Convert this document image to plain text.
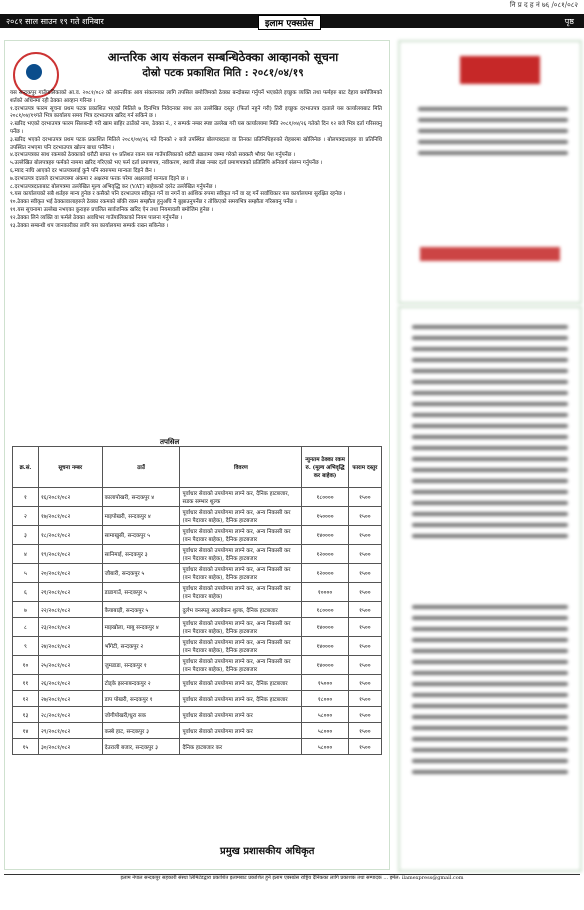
नि प्र द ह नं ७६ /०८१/०८२
२०८१ साल साउन १९ गते शनिबार	इलाम एक्सप्रेस	पृष्ठ
आन्तरिक आय संकलन सम्बन्धिठेक्का आव्हानको सूचना
दोस्रो पटक प्रकाशित मिति : २०८१/०४/१९

यस सन्दकपुर गाउँपालिकाको आ.व. २०८१/०८२ को आन्तरिक आय संकलनका लागि तपसिल बमोजिमको ठेक्का बन्दोबस्त गर्नुपर्ने भएकोले इच्छुक व्यक्ति तथा फर्महरु बाट देहाय बमोजिमको शर्तको अधिनमा रही ठेक्का आव्हान गरिन्छ ।

१.दरभाउपत्र फारम सूचना प्रथम पटक प्रकाशित भएको मितिले ७ दिनभित्र निवेदनका साथ तल उल्लेखित दस्तुर (फिर्ता नहुने गरी) तिरी इच्छुक दरभाउपत्र दाताले यस कार्यालयबाट मिति २०८१/०४/१९गते भित्र कार्यालय समय भित्र दरभाउपत्र खरिद गर्न सकिने छ ।

२.खरिद भएको दरभाउपत्र फारम सिलबन्दी गरी खाम बाहिर ठाउँको नाम, ठेक्का नं., र सम्पर्क नम्बर स्पष्ट उल्लेख गरी यस कार्यालयमा मिति २०८१/०४/२६ गतेको दिन १२ बजे भित्र दर्ता गरिसक्नु पर्नेछ ।

३.खरिद भएको दरभाउपत्र प्रथम पटक प्रकाशित मितिले २०८१/०४/२६ गते दिनको २ बजे उपस्थित बोलपत्रदाता वा तिनका प्रतिनिधिहरुको रोहबरमा खोलिनेछ । बोलपत्रदाताहरु वा प्रतिनिधि उपस्थित नभएमा पनि दरभाउपत्र खोल्न बाधा पर्नेछैन ।

४.दरभाउपत्रका साथ रकमको ठेक्काको धरौटी बापत १० प्रतिशत रकम यस गाउँपालिकाको धरौटी खातामा जम्मा गरेको सक्कलै भौचर पेश गर्नुपर्नेछ ।

५.उल्लेखित बोलपत्रहरु फर्मको नाममा खरिद गरिएको भए फर्म दर्ता प्रमाणपत्र, नवीकरण, स्थायी लेखा नम्बर दर्ता प्रमाणपत्रको प्रतिलिपि अनिवार्य संलग्न गर्नुपर्नेछ ।

६.म्याद नाघि आएको दर भाउपत्रलाई कुनै पनि स्वरुपमा मान्यता दिइने छैन ।

७.दरभाउपत्र दाताले दरभाउपत्रमा अंकमा र अक्षरमा फरक परेमा अक्षरलाई मान्यता दिइने छ ।

८.दरभाउपत्रदाताबाट बोलपत्रमा उल्लेखित मूल्य अभिवृद्धि कर (VAT) बाहेकको दररेट उल्लेखित गर्नुपर्नेछ ।

९.यस कार्यालयको सबै शर्तहरु मान्य हुनेछ र कसैको पनि दरभाउपत्र स्वीकृत गर्ने वा नगर्ने वा आंशिक रुपमा स्वीकृत गर्ने वा रद्द गर्ने सर्वाधिकार यस कार्यालयमा सुरक्षित रहनेछ ।

१०.ठेक्का स्वीकृत भई ठेक्कावालाहरुले ठेक्का रकमको बाँकी रकम सम्झौता हुनुअघि नै बुझाउनुपर्नेछ र तोकिएको समयभित्र सम्झौता गरिसक्नु पर्नेछ ।

११.यस सूचनामा उल्लेख नभएका कुराहरु प्रचलित सार्वजनिक खरिद ऐन तथा नियमावली बमोजिम हुनेछ ।

१२.ठेक्का लिने व्यक्ति वा फर्मले ठेक्का अवधिभर गाउँपालिकाको नियम पालना गर्नुपर्नेछ ।

१३.ठेक्का सम्बन्धी थप जानकारीका लागि यस कार्यालयमा सम्पर्क राख्न सकिनेछ ।

तपसिल
क्र.सं.	सूचना नम्बर	ठाउँ	विवरण	न्युनतम ठेक्का रकम रु. (मूल्य अभिवृद्धि कर बाहेक)	फाराम दस्तुर
१	१६/२०८१/०८२	कालापोखरी, सन्दकपुर ४	पूर्वाधार सेवाको उपयोगमा लाग्ने कर, दैनिक हाटबजार, सडक सम्भार शुल्क	१८००००	१५००
२	१७/२०८१/०८२	माइपोखरी, सन्दकपुर ४	पूर्वाधार सेवाको उपयोगमा लाग्ने कर, अन्य निकासी कर (वन पैदावार बाहेक), दैनिक हाटबजार	१५००००	१५००
३	१८/२०८१/०८२	सामाखुसी, सन्दकपुर ५	पूर्वाधार सेवाको उपयोगमा लाग्ने कर, अन्य निकासी कर (वन पैदावार बाहेक), दैनिक हाटबजार	१४००००	१५००
४	१९/२०८१/०८२	सानिमाई, सन्दकपुर ३	पूर्वाधार सेवाको उपयोगमा लाग्ने कर, अन्य निकासी कर (वन पैदावार बाहेक), दैनिक हाटबजार	१२००००	१५००
५	२०/२०८१/०८२	जौबारी, सन्दकपुर ५	पूर्वाधार सेवाको उपयोगमा लाग्ने कर, अन्य निकासी कर (वन पैदावार बाहेक), दैनिक हाटबजार	१२००००	१५००
६	२१/२०८१/०८२	डाडागाउँ, सन्दकपुर ५	पूर्वाधार सेवाको उपयोगमा लाग्ने कर, अन्य निकासी कर (वन पैदावार बाहेक)	१००००	१५००
७	२२/२०८१/०८२	कैयाबाड़ी, सन्दकपुर ५	दुर्लभ वनस्पतु अवलोकन शुल्क, दैनिक हाटबजार	१८००००	१५००
८	२३/२०८१/०८२	माइखोला, माबु सन्दकपुर ४	पूर्वाधार सेवाको उपयोगमा लाग्ने कर, अन्य निकासी कर (वन पैदावार बाहेक), दैनिक हाटबजार	१४००००	१५००
९	२४/२०८१/०८२	भाँगेटी, सन्दकपुर २	पूर्वाधार सेवाको उपयोगमा लाग्ने कर, अन्य निकासी कर (वन पैदावार बाहेक), दैनिक हाटबजार	१४००००	१५००
१०	२५/२०८१/०८२	जुमडाडा, सन्दकपुर १	पूर्वाधार सेवाको उपयोगमा लाग्ने कर, अन्य निकासी कर (वन पैदावार बाहेक), दैनिक हाटबजार	१४००००	१५००
११	२६/२०८१/०८२	टोड्के झरनाबन्दकपुर २	पूर्वाधार सेवाको उपयोगमा लाग्ने कर, दैनिक हाटबजार	१५०००	१५००
१२	२७/२०८१/०८२	डाप पोखरी, सन्दकपुर १	पूर्वाधार सेवाको उपयोगमा लाग्ने कर, दैनिक हाटबजार	१८०००	१५००
१३	२८/२०८१/०८२	जोगीपोखरी/धुरा सक	पूर्वाधार सेवाको उपयोगमा लाग्ने कर	५८०००	१५००
१४	२९/२०८१/०८२	कस्बे हाट, सन्दकपुर ३	पूर्वाधार सेवाको उपयोगमा लाग्ने कर	५८०००	१५००
१५	३०/२०८१/०८२	देउराली बजार, सन्दकपुर ३	दैनिक हाटबजार कर	५८०००	१५००
प्रमुख प्रशासकीय अधिकृत
इलाम नेपाल सन्दकपुर सहकारी संस्था लिमिटेडद्वारा प्रकाशित इलामबाट प्रकाशित हुने इलाम एक्सप्रेस राष्ट्रिय दैनिकका लागि प्रकाशक तथा सम्पादक ... इमेल: ilamexpress@gmail.com
